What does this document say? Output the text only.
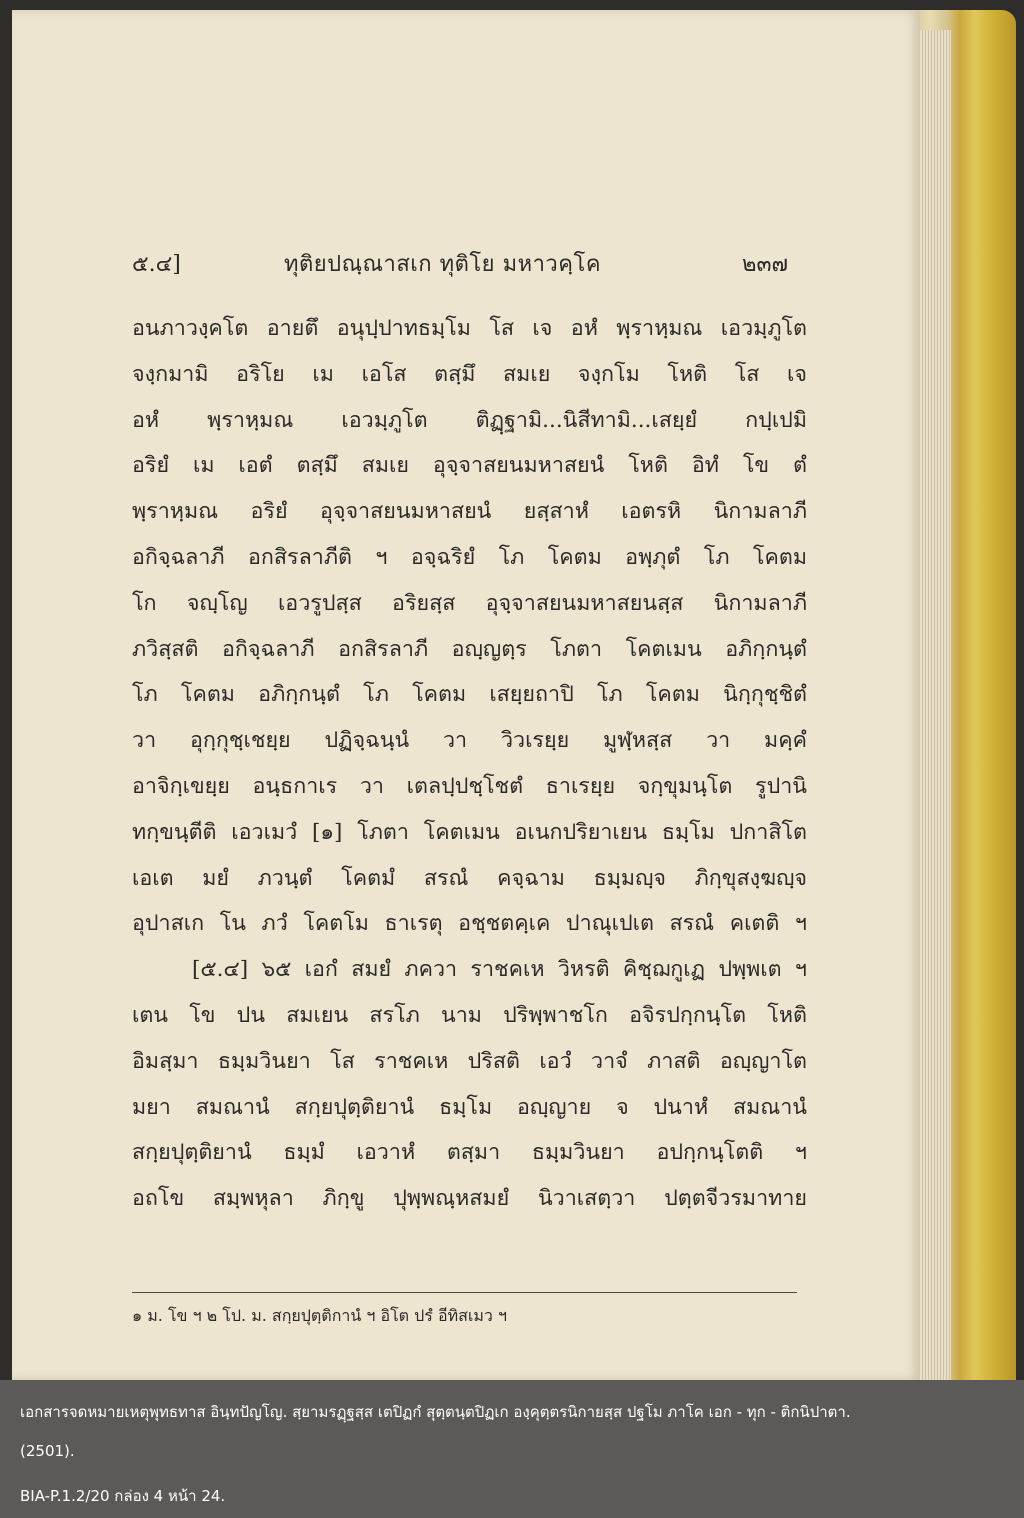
๕.๔]	ทุติยปณฺณาสเก ทุติโย มหาวคฺโค	๒๓๗
อนภาวงฺคโต อายตึ อนุปฺปาทธมฺโม โส เจ อหํ พฺราหฺมณ เอวมฺภูโต
จงฺกมามิ อริโย เม เอโส ตสฺมึ สมเย จงฺกโม โหติ โส เจ
อหํ พฺราหฺมณ เอวมฺภูโต ติฏฺฐามิ...นิสีทามิ...เสยฺยํ กปฺเปมิ
อริยํ เม เอตํ ตสฺมึ สมเย อุจฺจาสยนมหาสยนํ โหติ อิทํ โข ตํ
พฺราหฺมณ อริยํ อุจฺจาสยนมหาสยนํ ยสฺสาหํ เอตรหิ นิกามลาภี
อกิจฺฉลาภี อกสิรลาภีติ ฯ อจฺฉริยํ โภ โคตม อพฺภุตํ โภ โคตม
โก จญฺโญ เอวรูปสฺส อริยสฺส อุจฺจาสยนมหาสยนสฺส นิกามลาภี
ภวิสฺสติ อกิจฺฉลาภี อกสิรลาภี อญฺญตฺร โภตา โคตเมน อภิกฺกนฺตํ
โภ โคตม อภิกฺกนฺตํ โภ โคตม เสยฺยถาปิ โภ โคตม นิกฺกุชฺชิตํ
วา อุกฺกุชฺเชยฺย ปฏิจฺฉนฺนํ วา วิวเรยฺย มูฬฺหสฺส วา มคฺคํ
อาจิกฺเขยฺย อนฺธกาเร วา เตลปฺปชฺโชตํ ธาเรยฺย จกฺขุมนฺโต รูปานิ
ทกฺขนฺตีติ เอวเมวํ [๑] โภตา โคตเมน อเนกปริยาเยน ธมฺโม ปกาสิโต
เอเต มยํ ภวนฺตํ โคตมํ สรณํ คจฺฉาม ธมฺมญฺจ ภิกฺขุสงฺฆญฺจ
อุปาสเก โน ภวํ โคตโม ธาเรตุ อชฺชตคฺเค ปาณุเปเต สรณํ คเตติ ฯ
[๕.๔] ๖๕ เอกํ สมยํ ภควา ราชคเห วิหรติ คิชฺฌกูเฏ ปพฺพเต ฯ
เตน โข ปน สมเยน สรโภ นาม ปริพฺพาชโก อจิรปกฺกนฺโต โหติ
อิมสฺมา ธมฺมวินยา โส ราชคเห ปริสติ เอวํ วาจํ ภาสติ อญฺญาโต
มยา สมณานํ สกฺยปุตฺติยานํ ธมฺโม อญฺญาย จ ปนาหํ สมณานํ
สกฺยปุตฺติยานํ ธมฺมํ เอวาหํ ตสฺมา ธมฺมวินยา อปกฺกนฺโตติ ฯ
อถโข สมฺพหุลา ภิกฺขู ปุพฺพณฺหสมยํ นิวาเสตฺวา ปตฺตจีวรมาทาย
๑ ม. โข ฯ ๒ โป. ม. สกฺยปุตฺติกานํ ฯ อิโต ปรํ อีทิสเมว ฯ
เอกสารจดหมายเหตุพุทธทาส อินฺทปัญโญ. สฺยามรฏฺฐสฺส เตปิฏกํ สุตฺตนฺตปิฏเก องฺคุตฺตรนิกายสฺส ปฐโม ภาโค เอก - ทุก - ติกนิปาตา.
(2501).
BIA-P.1.2/20 กล่อง 4 หน้า 24.
